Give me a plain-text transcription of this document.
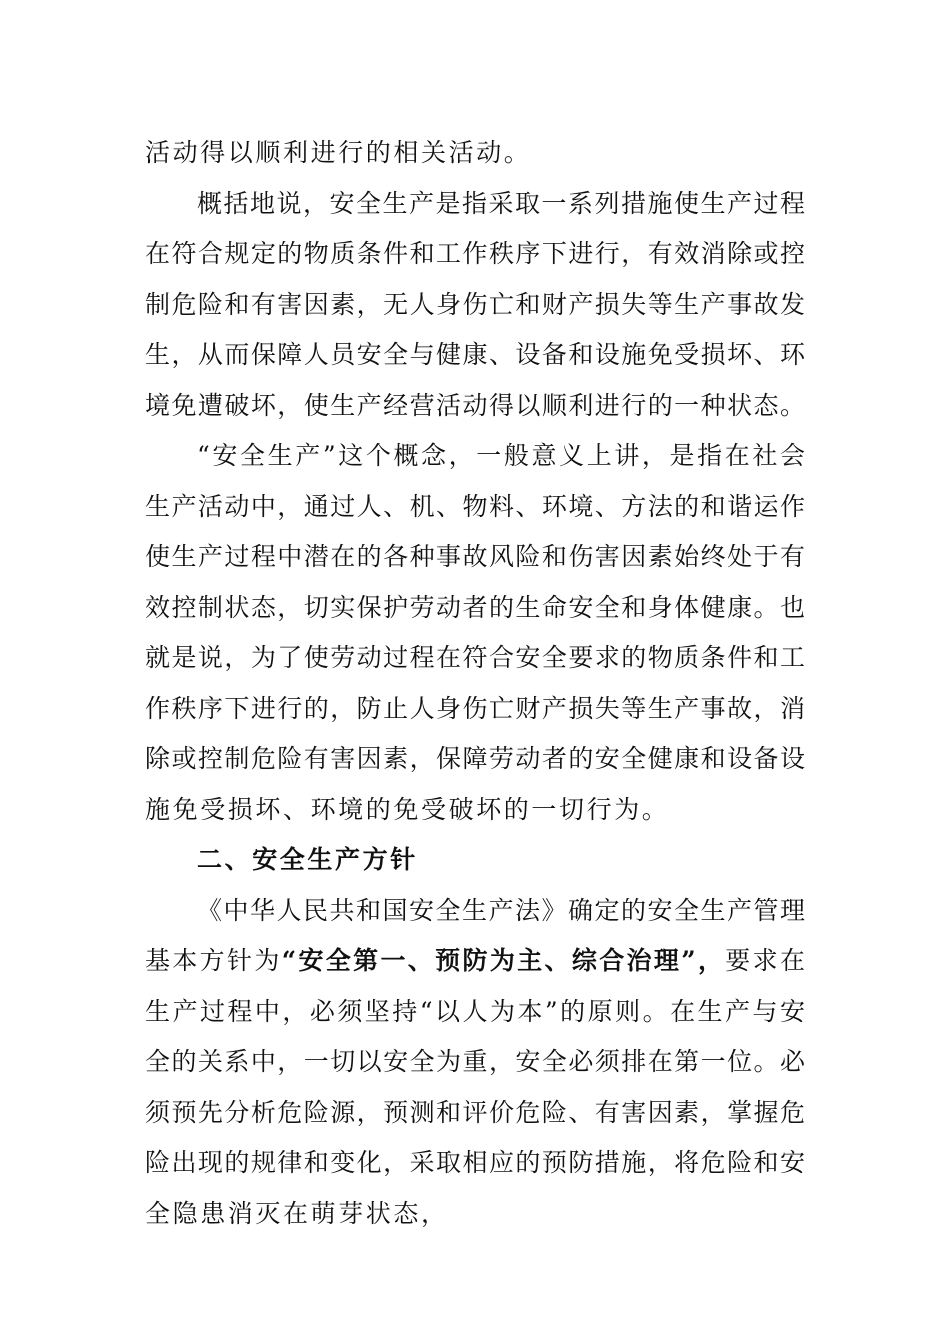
活动得以顺利进行的相关活动。
概括地说，安全生产是指采取一系列措施使生产过程
在符合规定的物质条件和工作秩序下进行，有效消除或控
制危险和有害因素，无人身伤亡和财产损失等生产事故发
生，从而保障人员安全与健康、设备和设施免受损坏、环
境免遭破坏，使生产经营活动得以顺利进行的一种状态。
“安全生产”这个概念，一般意义上讲，是指在社会
生产活动中，通过人、机、物料、环境、方法的和谐运作
使生产过程中潜在的各种事故风险和伤害因素始终处于有
效控制状态，切实保护劳动者的生命安全和身体健康。也
就是说，为了使劳动过程在符合安全要求的物质条件和工
作秩序下进行的，防止人身伤亡财产损失等生产事故，消
除或控制危险有害因素，保障劳动者的安全健康和设备设
施免受损坏、环境的免受破坏的一切行为。
二、安全生产方针
《中华人民共和国安全生产法》确定的安全生产管理
基本方针为“安全第一、预防为主、综合治理”，要求在
生产过程中，必须坚持“以人为本”的原则。在生产与安
全的关系中，一切以安全为重，安全必须排在第一位。必
须预先分析危险源，预测和评价危险、有害因素，掌握危
险出现的规律和变化，采取相应的预防措施，将危险和安
全隐患消灭在萌芽状态，
